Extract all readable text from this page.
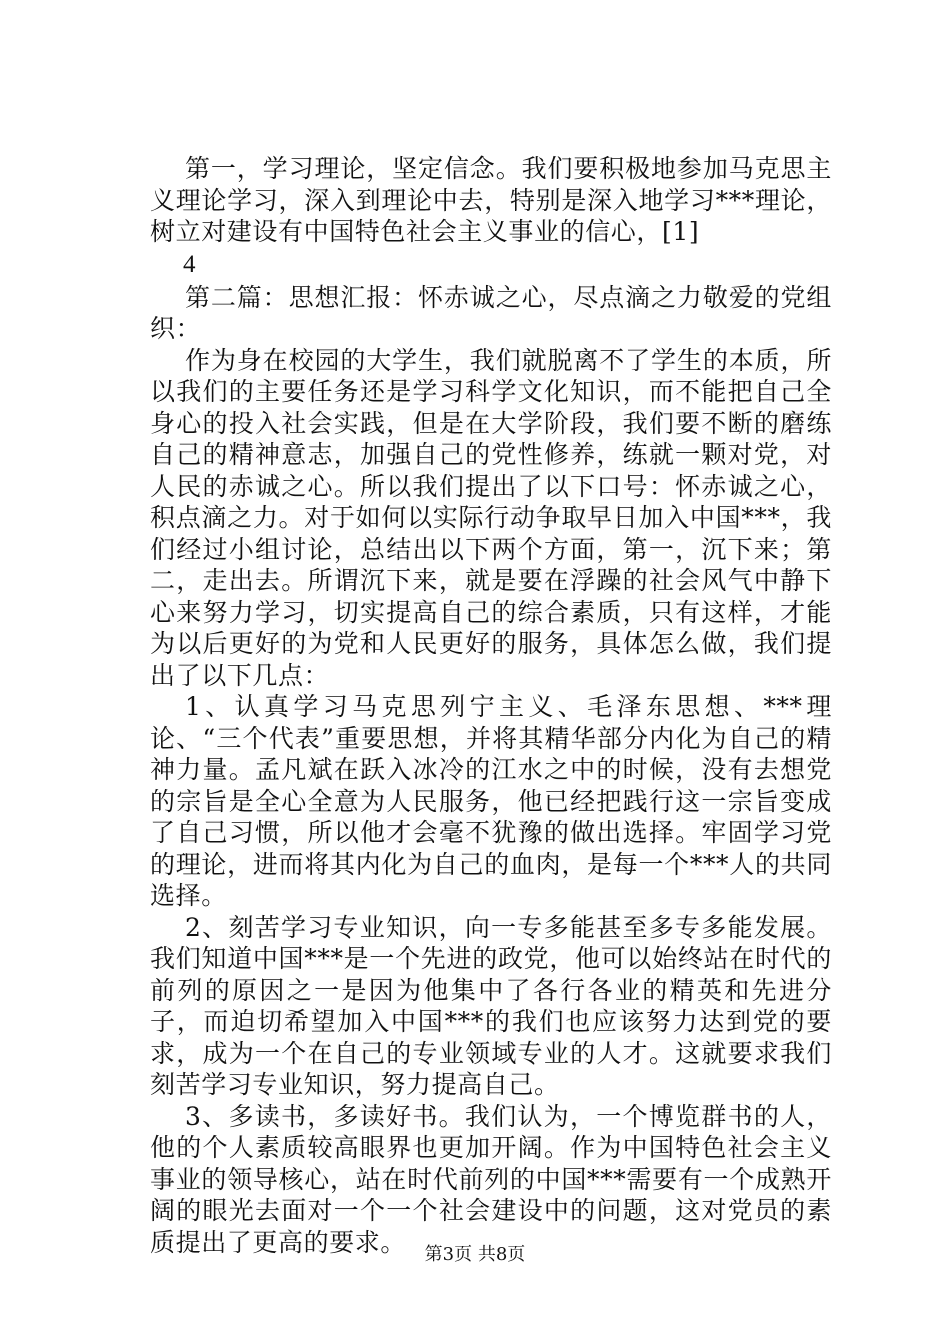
第一，学习理论，坚定信念。我们要积极地参加马克思主义理论学习，深入到理论中去，特别是深入地学习***理论，树立对建设有中国特色社会主义事业的信心，[1]

4

第二篇：思想汇报：怀赤诚之心，尽点滴之力敬爱的党组织：

作为身在校园的大学生，我们就脱离不了学生的本质，所以我们的主要任务还是学习科学文化知识，而不能把自己全身心的投入社会实践，但是在大学阶段，我们要不断的磨练自己的精神意志，加强自己的党性修养，练就一颗对党，对人民的赤诚之心。所以我们提出了以下口号：怀赤诚之心，积点滴之力。对于如何以实际行动争取早日加入中国***，我们经过小组讨论，总结出以下两个方面，第一，沉下来；第二，走出去。所谓沉下来，就是要在浮躁的社会风气中静下心来努力学习，切实提高自己的综合素质，只有这样，才能为以后更好的为党和人民更好的服务，具体怎么做，我们提出了以下几点：

1、认真学习马克思列宁主义、毛泽东思想、***理论、“三个代表”重要思想，并将其精华部分内化为自己的精神力量。孟凡斌在跃入冰冷的江水之中的时候，没有去想党的宗旨是全心全意为人民服务，他已经把践行这一宗旨变成了自己习惯，所以他才会毫不犹豫的做出选择。牢固学习党的理论，进而将其内化为自己的血肉，是每一个***人的共同选择。

2、刻苦学习专业知识，向一专多能甚至多专多能发展。我们知道中国***是一个先进的政党，他可以始终站在时代的前列的原因之一是因为他集中了各行各业的精英和先进分子，而迫切希望加入中国***的我们也应该努力达到党的要求，成为一个在自己的专业领域专业的人才。这就要求我们刻苦学习专业知识，努力提高自己。

3、多读书，多读好书。我们认为，一个博览群书的人，他的个人素质较高眼界也更加开阔。作为中国特色社会主义事业的领导核心，站在时代前列的中国***需要有一个成熟开阔的眼光去面对一个一个社会建设中的问题，这对党员的素质提出了更高的要求。	第3页 共8页
